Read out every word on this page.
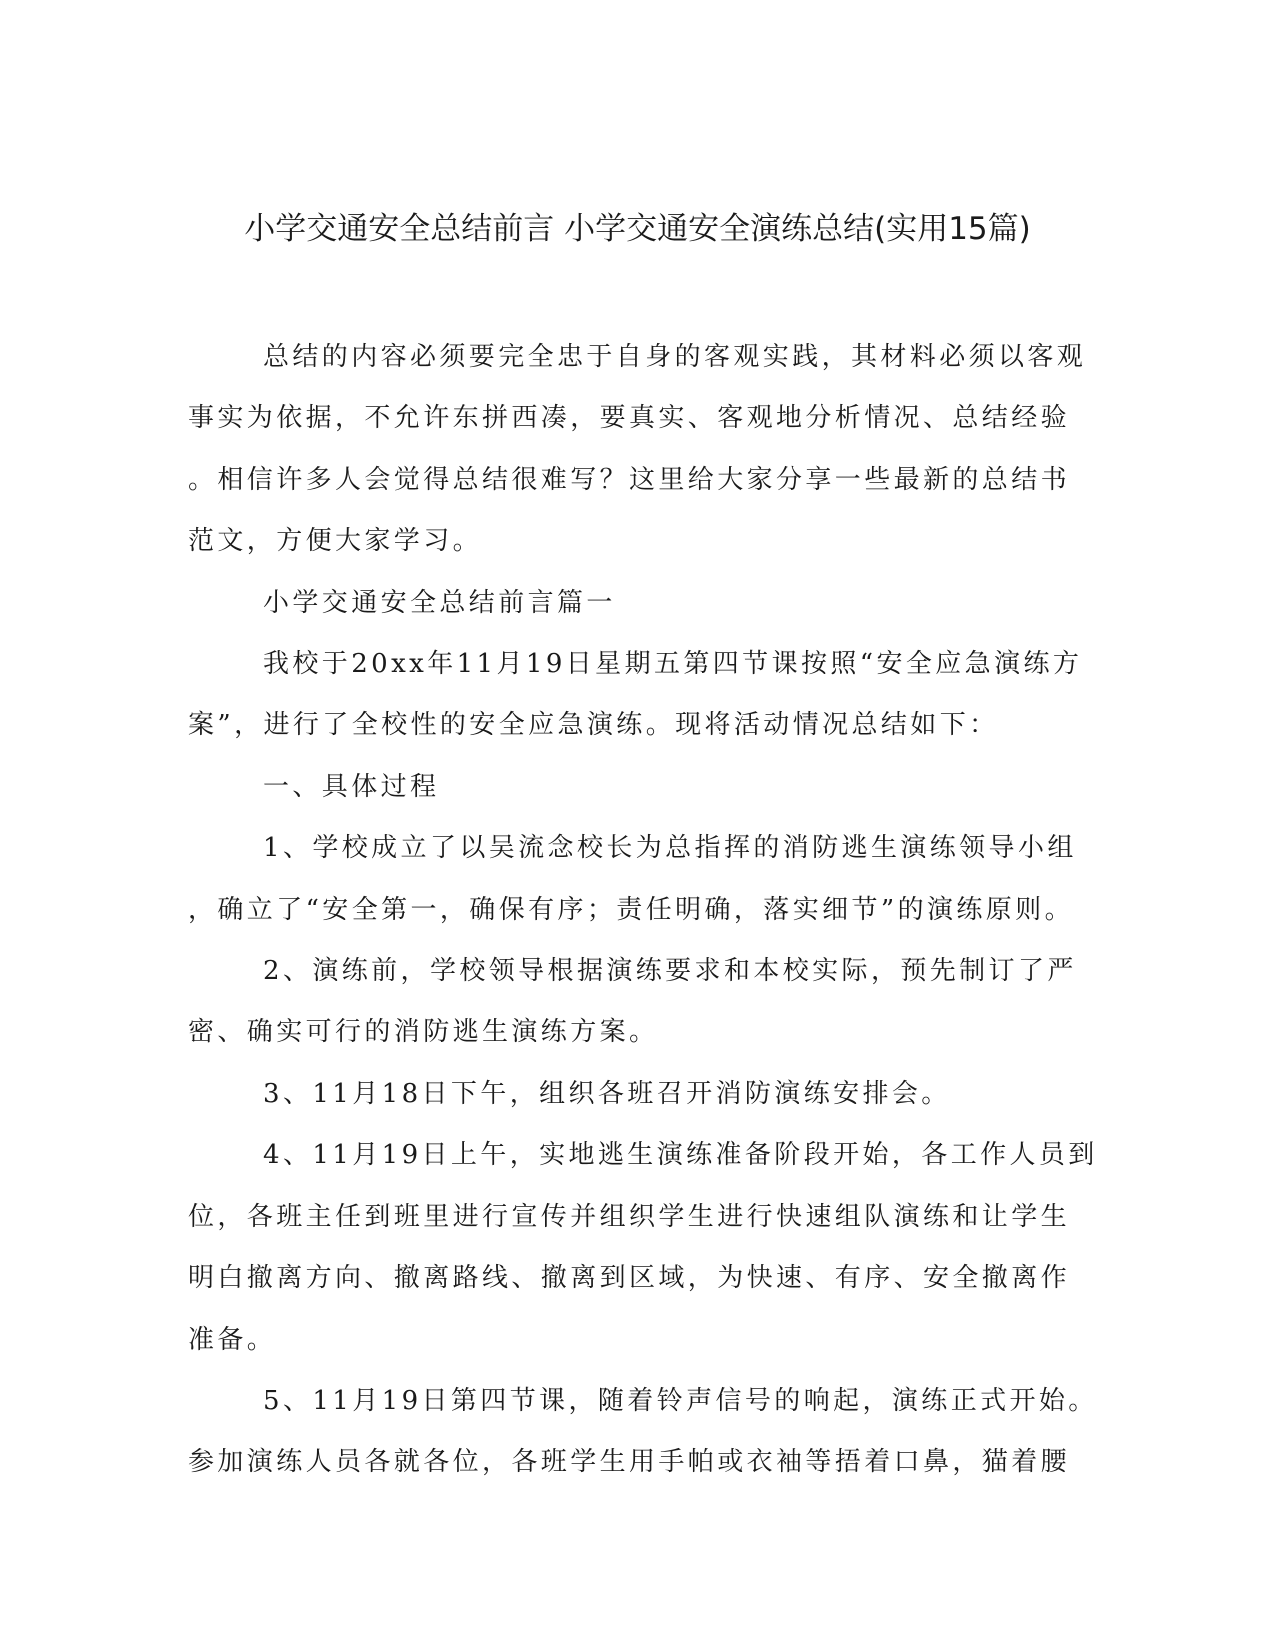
小学交通安全总结前言 小学交通安全演练总结(实用15篇)

总结的内容必须要完全忠于自身的客观实践，其材料必须以客观
事实为依据，不允许东拼西凑，要真实、客观地分析情况、总结经验
。相信许多人会觉得总结很难写？这里给大家分享一些最新的总结书
范文，方便大家学习。

小学交通安全总结前言篇一

我校于20xx年11月19日星期五第四节课按照“安全应急演练方
案”，进行了全校性的安全应急演练。现将活动情况总结如下：

一、具体过程

1、学校成立了以吴流念校长为总指挥的消防逃生演练领导小组
，确立了“安全第一，确保有序；责任明确，落实细节”的演练原则。

2、演练前，学校领导根据演练要求和本校实际，预先制订了严
密、确实可行的消防逃生演练方案。

3、11月18日下午，组织各班召开消防演练安排会。

4、11月19日上午，实地逃生演练准备阶段开始，各工作人员到
位，各班主任到班里进行宣传并组织学生进行快速组队演练和让学生
明白撤离方向、撤离路线、撤离到区域，为快速、有序、安全撤离作
准备。

5、11月19日第四节课，随着铃声信号的响起，演练正式开始。
参加演练人员各就各位，各班学生用手帕或衣袖等捂着口鼻，猫着腰
